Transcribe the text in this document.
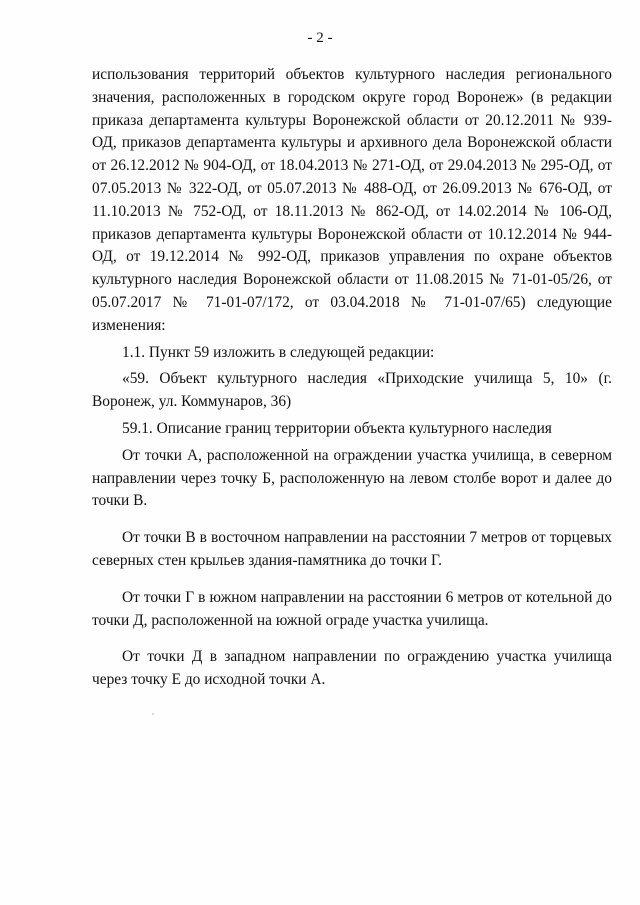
- 2 -

использования территорий объектов культурного наследия регионального значения, расположенных в городском округе город Воронеж» (в редакции приказа департамента культуры Воронежской области от 20.12.2011 № 939-ОД, приказов департамента культуры и архивного дела Воронежской области от 26.12.2012 № 904-ОД, от 18.04.2013 № 271-ОД, от 29.04.2013 № 295-ОД, от 07.05.2013 № 322-ОД, от 05.07.2013 № 488-ОД, от 26.09.2013 № 676-ОД, от 11.10.2013 № 752-ОД, от 18.11.2013 № 862-ОД, от 14.02.2014 № 106-ОД, приказов департамента культуры Воронежской области от 10.12.2014 № 944-ОД, от 19.12.2014 № 992-ОД, приказов управления по охране объектов культурного наследия Воронежской области от 11.08.2015 № 71-01-05/26, от 05.07.2017 № 71-01-07/172, от 03.04.2018 № 71-01-07/65) следующие изменения:

1.1. Пункт 59 изложить в следующей редакции:

«59. Объект культурного наследия «Приходские училища 5, 10» (г. Воронеж, ул. Коммунаров, 36)

59.1. Описание границ территории объекта культурного наследия

От точки А, расположенной на ограждении участка училища, в северном направлении через точку Б, расположенную на левом столбе ворот и далее до точки В.

От точки В в восточном направлении на расстоянии 7 метров от торцевых северных стен крыльев здания-памятника до точки Г.

От точки Г в южном направлении на расстоянии 6 метров от котельной до точки Д, расположенной на южной ограде участка училища.

От точки Д в западном направлении по ограждению участка училища через точку Е до исходной точки А.
